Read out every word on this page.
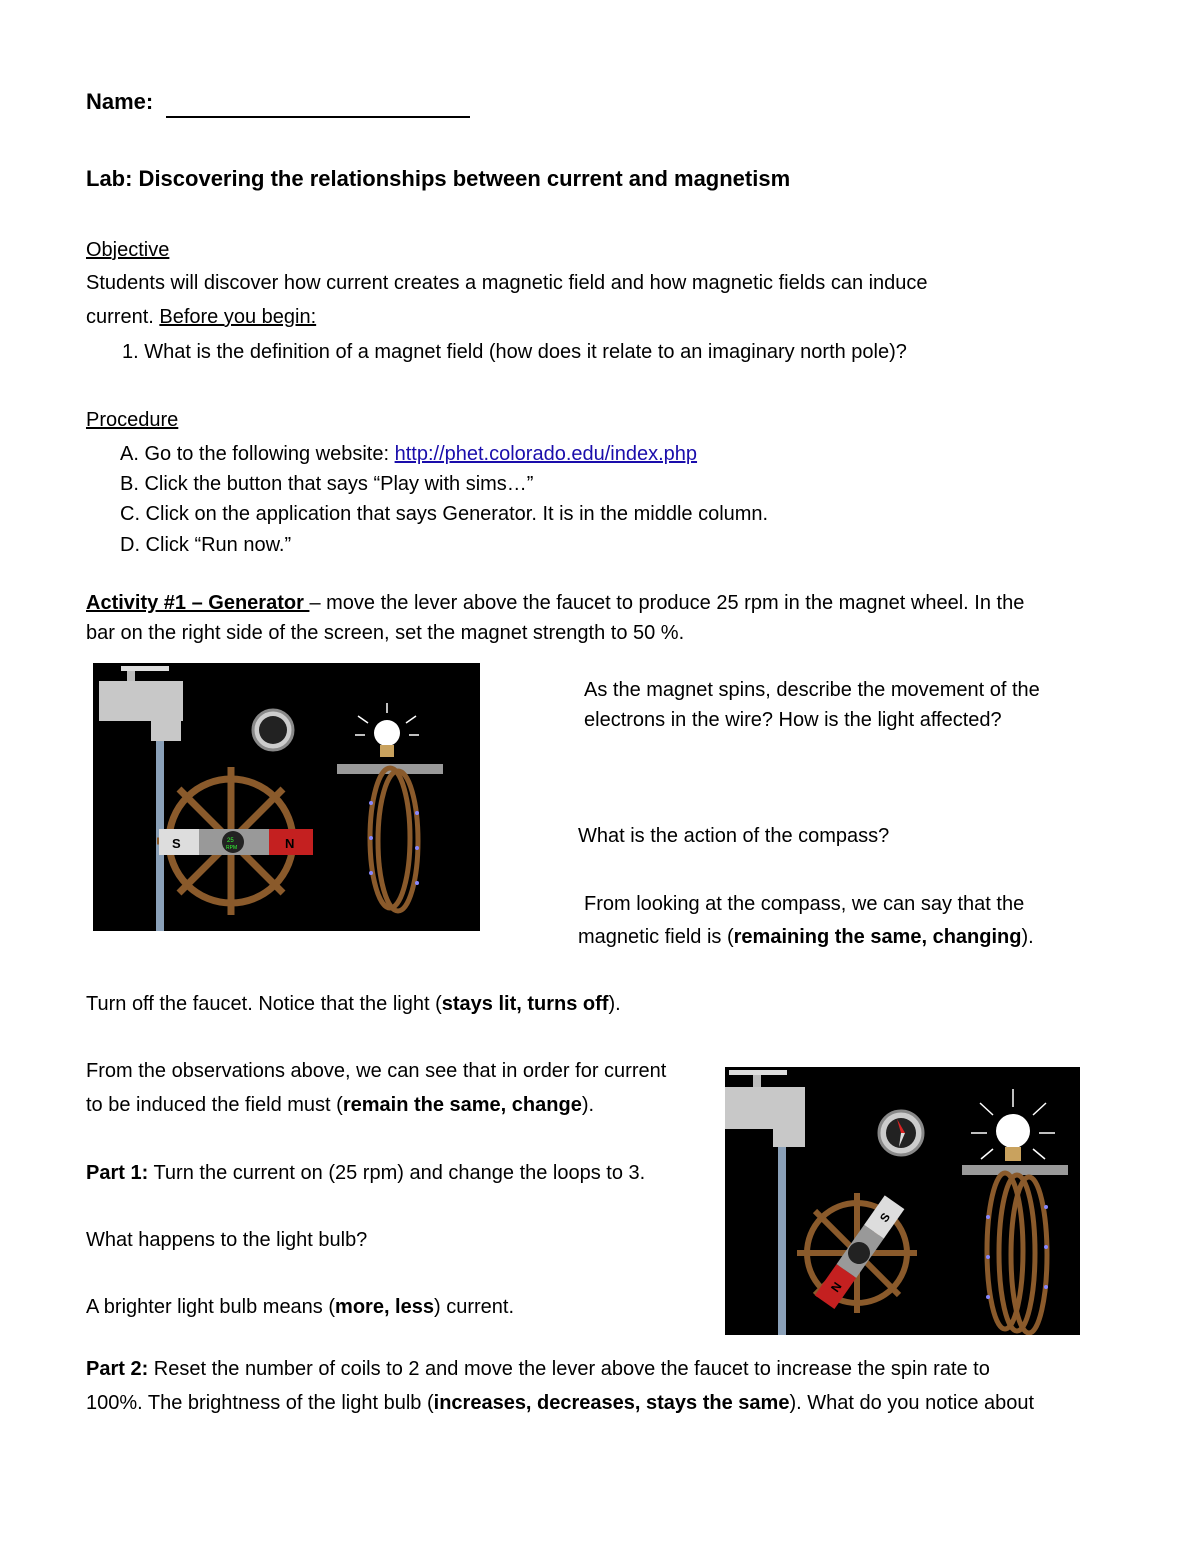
Name:
Lab: Discovering the relationships between current and magnetism
Objective
Students will discover how current creates a magnetic field and how magnetic fields can induce
current. Before you begin:
1. What is the definition of a magnet field (how does it relate to an imaginary north pole)?
Procedure
A. Go to the following website: http://phet.colorado.edu/index.php
B. Click the button that says “Play with sims…”
C. Click on the application that says Generator. It is in the middle column.
D. Click “Run now.”
Activity #1 – Generator – move the lever above the faucet to produce 25 rpm in the magnet wheel. In the
bar on the right side of the screen, set the magnet strength to 50 %.
S	N
25
RPM
As the magnet spins, describe the movement of the
electrons in the wire? How is the light affected?
What is the action of the compass?
From looking at the compass, we can say that the
magnetic field is (remaining the same, changing).
Turn off the faucet. Notice that the light (stays lit, turns off).
From the observations above, we can see that in order for current
to be induced the field must (remain the same, change).
Part 1: Turn the current on (25 rpm) and change the loops to 3.
What happens to the light bulb?
A brighter light bulb means (more, less) current.
N
S
Part 2: Reset the number of coils to 2 and move the lever above the faucet to increase the spin rate to
100%. The brightness of the light bulb (increases, decreases, stays the same). What do you notice about
